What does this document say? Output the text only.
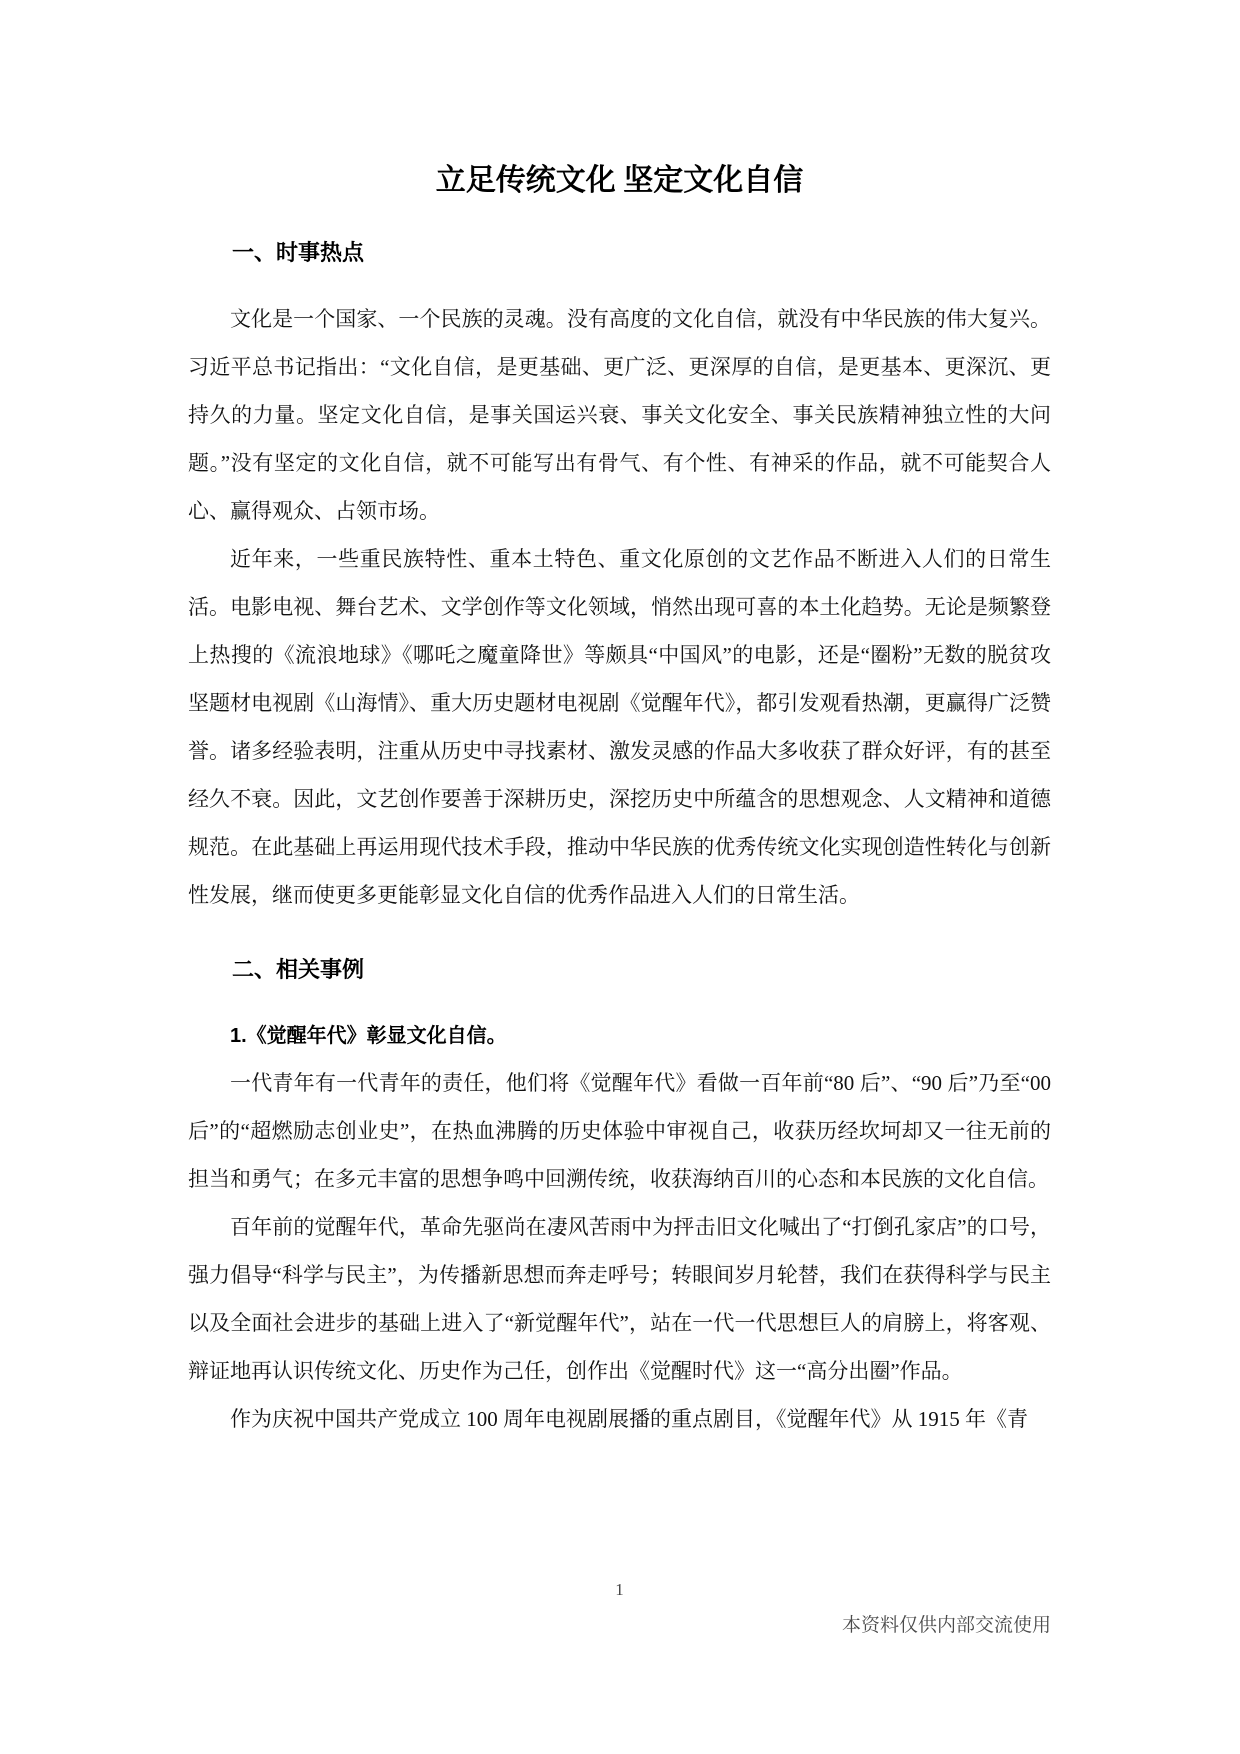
立足传统文化 坚定文化自信
一、时事热点

文化是一个国家、一个民族的灵魂。没有高度的文化自信，就没有中华民族的伟大复兴。习近平总书记指出：“文化自信，是更基础、更广泛、更深厚的自信，是更基本、更深沉、更持久的力量。坚定文化自信，是事关国运兴衰、事关文化安全、事关民族精神独立性的大问题。”没有坚定的文化自信，就不可能写出有骨气、有个性、有神采的作品，就不可能契合人心、赢得观众、占领市场。

近年来，一些重民族特性、重本土特色、重文化原创的文艺作品不断进入人们的日常生活。电影电视、舞台艺术、文学创作等文化领域，悄然出现可喜的本土化趋势。无论是频繁登上热搜的《流浪地球》《哪吒之魔童降世》等颇具“中国风”的电影，还是“圈粉”无数的脱贫攻坚题材电视剧《山海情》、重大历史题材电视剧《觉醒年代》，都引发观看热潮，更赢得广泛赞誉。诸多经验表明，注重从历史中寻找素材、激发灵感的作品大多收获了群众好评，有的甚至经久不衰。因此，文艺创作要善于深耕历史，深挖历史中所蕴含的思想观念、人文精神和道德规范。在此基础上再运用现代技术手段，推动中华民族的优秀传统文化实现创造性转化与创新性发展，继而使更多更能彰显文化自信的优秀作品进入人们的日常生活。

二、相关事例
1.《觉醒年代》彰显文化自信。

一代青年有一代青年的责任，他们将《觉醒年代》看做一百年前“80 后”、“90 后”乃至“00 后”的“超燃励志创业史”，在热血沸腾的历史体验中审视自己，收获历经坎坷却又一往无前的担当和勇气；在多元丰富的思想争鸣中回溯传统，收获海纳百川的心态和本民族的文化自信。

百年前的觉醒年代，革命先驱尚在凄风苦雨中为抨击旧文化喊出了“打倒孔家店”的口号，强力倡导“科学与民主”，为传播新思想而奔走呼号；转眼间岁月轮替，我们在获得科学与民主以及全面社会进步的基础上进入了“新觉醒年代”，站在一代一代思想巨人的肩膀上，将客观、辩证地再认识传统文化、历史作为己任，创作出《觉醒时代》这一“高分出圈”作品。

作为庆祝中国共产党成立 100 周年电视剧展播的重点剧目，《觉醒年代》从 1915 年《青

1
本资料仅供内部交流使用
